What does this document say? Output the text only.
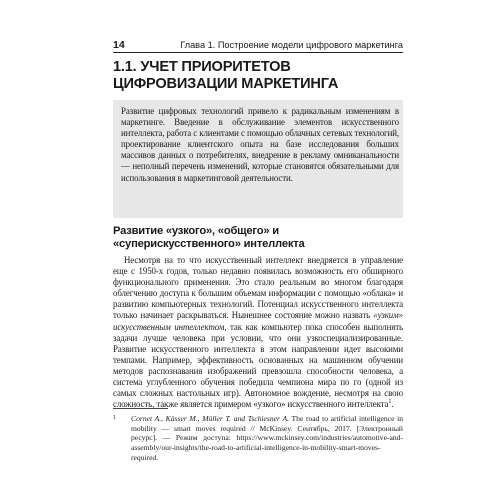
14	Глава 1. Построение модели цифрового маркетинга
1.1. УЧЕТ ПРИОРИТЕТОВ ЦИФРОВИЗАЦИИ МАРКЕТИНГА
Развитие цифровых технологий привело к радикальным изменениям в маркетинге. Введение в обслуживание элементов искусственного интеллекта, работа с клиентами с помощью облачных сетевых технологий, проектирование клиентского опыта на базе исследования больших массивов данных о потребителях, внедрение в рекламу омниканальности — неполный перечень изменений, которые становятся обязательными для использования в маркетинговой деятельности.
Развитие «узкого», «общего» и «суперискусственного» интеллекта
Несмотря на то что искусственный интеллект внедряется в управление еще с 1950-х годов, только недавно появилась возможность его обширного функционального применения. Это стало реальным во многом благодаря облегчению доступа к большим объемам информации с помощью «облака» и развитию компьютерных технологий. Потенциал искусственного интеллекта только начинает раскрываться. Нынешнее состояние можно назвать «узким» искусственным интеллектом, так как компьютер пока способен выполнять задачи лучше человека при условии, что они узкоспециализированные. Развитие искусственного интеллекта в этом направлении идет высокими темпами. Например, эффективность основанных на машинном обучении методов распознавания изображений превзошла способности человека, а система углубленного обучения победила чемпиона мира по го (одной из самых сложных настольных игр). Автономное вождение, несмотря на свою сложность, также является примером «узкого» искусственного интеллекта$^1$.
1 Cornet A., Kässer M., Müller T. and Tschiesner A. The road to artificial intelligence in mobility — smart moves required // McKinsey. Сентябрь, 2017. [Электронный ресурс]. — Режим доступа: https://www.mckinsey.com/industries/automotive-and-assembly/our-insights/the-road-to-artificial-intelligence-in-mobility-smart-moves-required.
